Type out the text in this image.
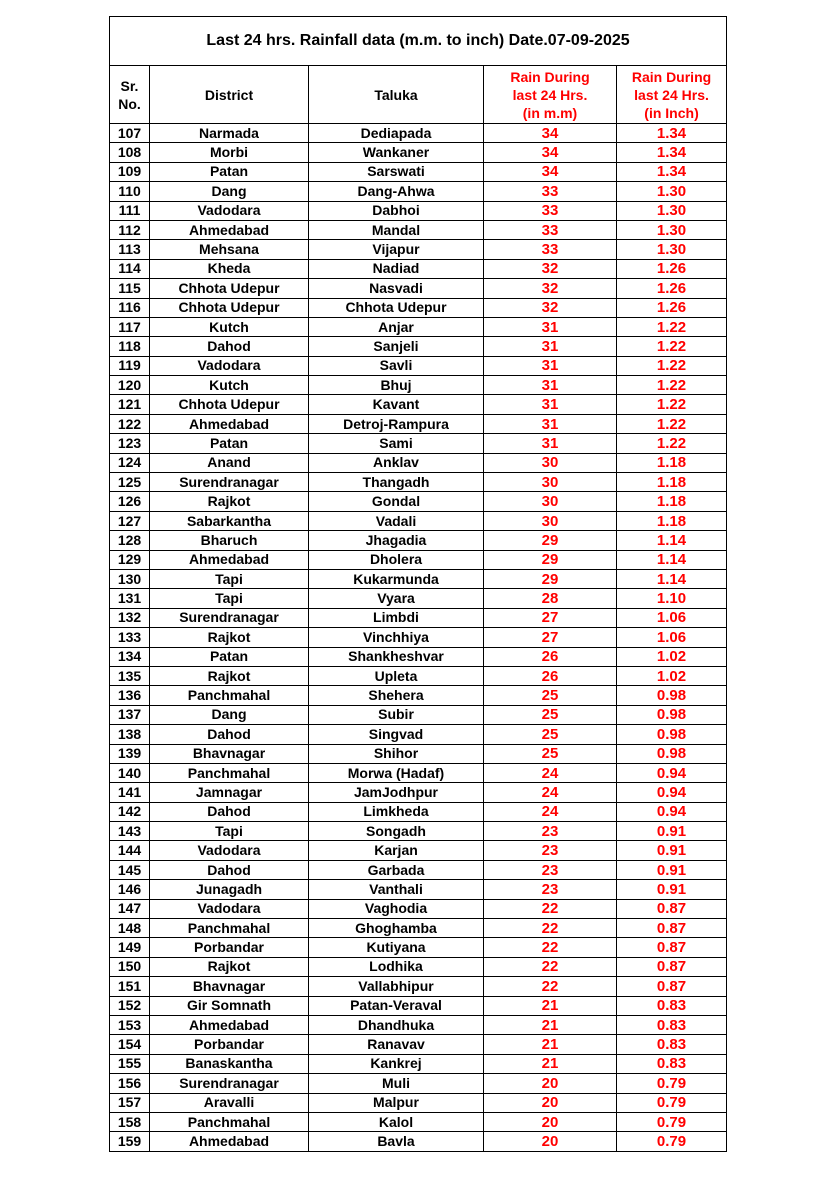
Last 24 hrs. Rainfall data (m.m. to inch) Date.07-09-2025				
Sr.
No.	District	Taluka	Rain During
last 24 Hrs.
(in m.m)	Rain During
last 24 Hrs.
(in Inch)
107	Narmada	Dediapada	34	1.34
108	Morbi	Wankaner	34	1.34
109	Patan	Sarswati	34	1.34
110	Dang	Dang-Ahwa	33	1.30
111	Vadodara	Dabhoi	33	1.30
112	Ahmedabad	Mandal	33	1.30
113	Mehsana	Vijapur	33	1.30
114	Kheda	Nadiad	32	1.26
115	Chhota Udepur	Nasvadi	32	1.26
116	Chhota Udepur	Chhota Udepur	32	1.26
117	Kutch	Anjar	31	1.22
118	Dahod	Sanjeli	31	1.22
119	Vadodara	Savli	31	1.22
120	Kutch	Bhuj	31	1.22
121	Chhota Udepur	Kavant	31	1.22
122	Ahmedabad	Detroj-Rampura	31	1.22
123	Patan	Sami	31	1.22
124	Anand	Anklav	30	1.18
125	Surendranagar	Thangadh	30	1.18
126	Rajkot	Gondal	30	1.18
127	Sabarkantha	Vadali	30	1.18
128	Bharuch	Jhagadia	29	1.14
129	Ahmedabad	Dholera	29	1.14
130	Tapi	Kukarmunda	29	1.14
131	Tapi	Vyara	28	1.10
132	Surendranagar	Limbdi	27	1.06
133	Rajkot	Vinchhiya	27	1.06
134	Patan	Shankheshvar	26	1.02
135	Rajkot	Upleta	26	1.02
136	Panchmahal	Shehera	25	0.98
137	Dang	Subir	25	0.98
138	Dahod	Singvad	25	0.98
139	Bhavnagar	Shihor	25	0.98
140	Panchmahal	Morwa (Hadaf)	24	0.94
141	Jamnagar	JamJodhpur	24	0.94
142	Dahod	Limkheda	24	0.94
143	Tapi	Songadh	23	0.91
144	Vadodara	Karjan	23	0.91
145	Dahod	Garbada	23	0.91
146	Junagadh	Vanthali	23	0.91
147	Vadodara	Vaghodia	22	0.87
148	Panchmahal	Ghoghamba	22	0.87
149	Porbandar	Kutiyana	22	0.87
150	Rajkot	Lodhika	22	0.87
151	Bhavnagar	Vallabhipur	22	0.87
152	Gir Somnath	Patan-Veraval	21	0.83
153	Ahmedabad	Dhandhuka	21	0.83
154	Porbandar	Ranavav	21	0.83
155	Banaskantha	Kankrej	21	0.83
156	Surendranagar	Muli	20	0.79
157	Aravalli	Malpur	20	0.79
158	Panchmahal	Kalol	20	0.79
159	Ahmedabad	Bavla	20	0.79
